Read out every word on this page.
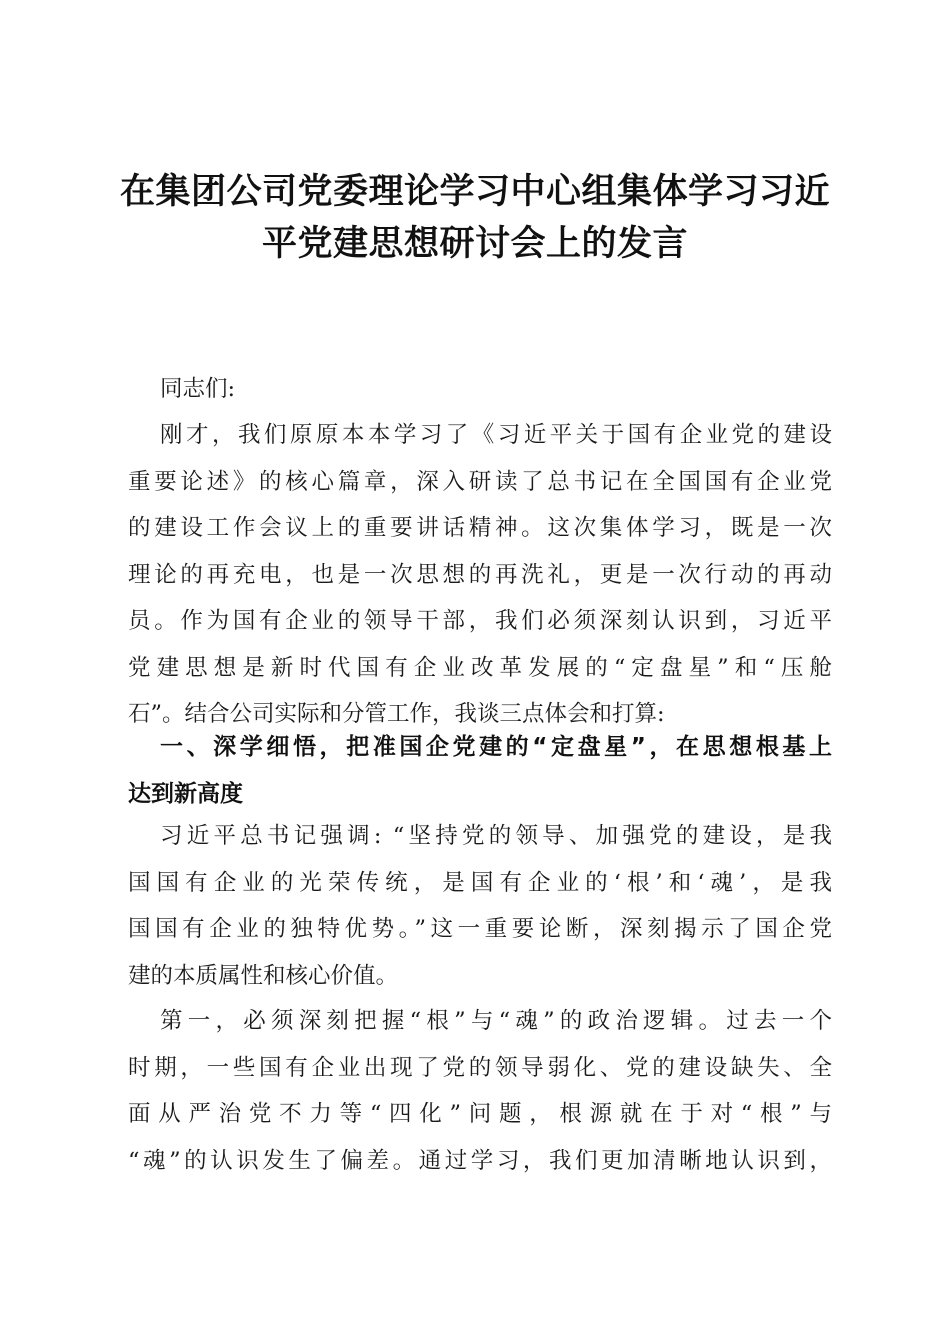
在集团公司党委理论学习中心组集体学习习近
平党建思想研讨会上的发言
同志们:
刚才，我们原原本本学习了《习近平关于国有企业党的建设
重要论述》的核心篇章，深入研读了总书记在全国国有企业党
的建设工作会议上的重要讲话精神。这次集体学习，既是一次
理论的再充电，也是一次思想的再洗礼，更是一次行动的再动
员。作为国有企业的领导干部，我们必须深刻认识到，习近平
党建思想是新时代国有企业改革发展的“定盘星”和“压舱
石”。结合公司实际和分管工作，我谈三点体会和打算:
一、深学细悟，把准国企党建的“定盘星”，在思想根基上
达到新高度
习近平总书记强调: “坚持党的领导、加强党的建设，是我
国国有企业的光荣传统，是国有企业的‘根’和‘魂’，是我
国国有企业的独特优势。”这一重要论断，深刻揭示了国企党
建的本质属性和核心价值。
第一，必须深刻把握“根”与“魂”的政治逻辑。过去一个
时期，一些国有企业出现了党的领导弱化、党的建设缺失、全
面从严治党不力等“四化”问题，根源就在于对“根”与
“魂”的认识发生了偏差。通过学习，我们更加清晰地认识到，
